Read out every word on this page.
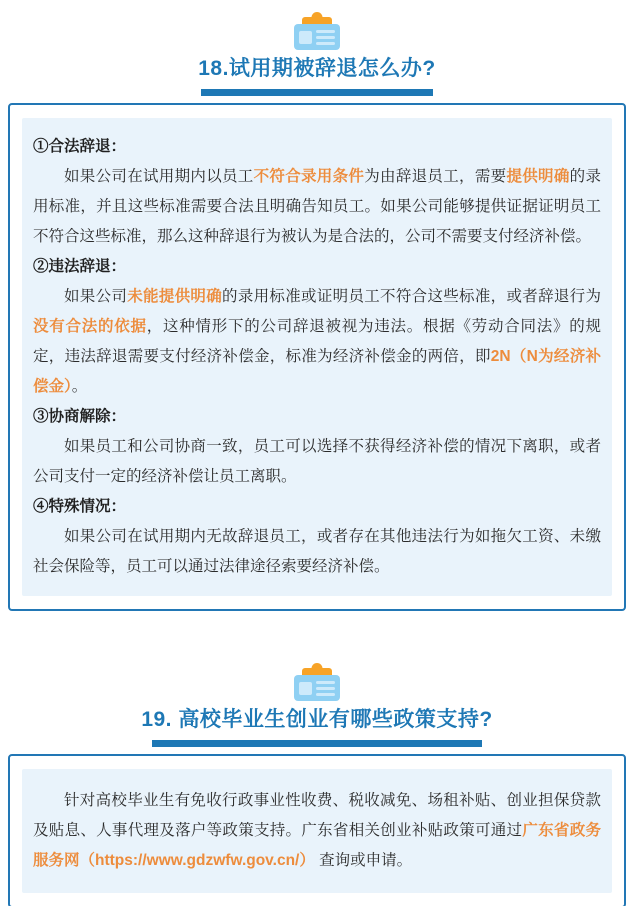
18.试用期被辞退怎么办?
①合法辞退：

如果公司在试用期内以员工不符合录用条件为由辞退员工，需要提供明确的录用标准，并且这些标准需要合法且明确告知员工。如果公司能够提供证据证明员工不符合这些标准，那么这种辞退行为被认为是合法的，公司不需要支付经济补偿。

②违法辞退：

如果公司未能提供明确的录用标准或证明员工不符合这些标准，或者辞退行为没有合法的依据，这种情形下的公司辞退被视为违法。根据《劳动合同法》的规定，违法辞退需要支付经济补偿金，标准为经济补偿金的两倍，即2N（N为经济补偿金）。

③协商解除：

如果员工和公司协商一致，员工可以选择不获得经济补偿的情况下离职，或者公司支付一定的经济补偿让员工离职。

④特殊情况：

如果公司在试用期内无故辞退员工，或者存在其他违法行为如拖欠工资、未缴社会保险等，员工可以通过法律途径索要经济补偿。

19. 高校毕业生创业有哪些政策支持?

针对高校毕业生有免收行政事业性收费、税收减免、场租补贴、创业担保贷款及贴息、人事代理及落户等政策支持。广东省相关创业补贴政策可通过广东省政务服务网（https://www.gdzwfw.gov.cn/） 查询或申请。
